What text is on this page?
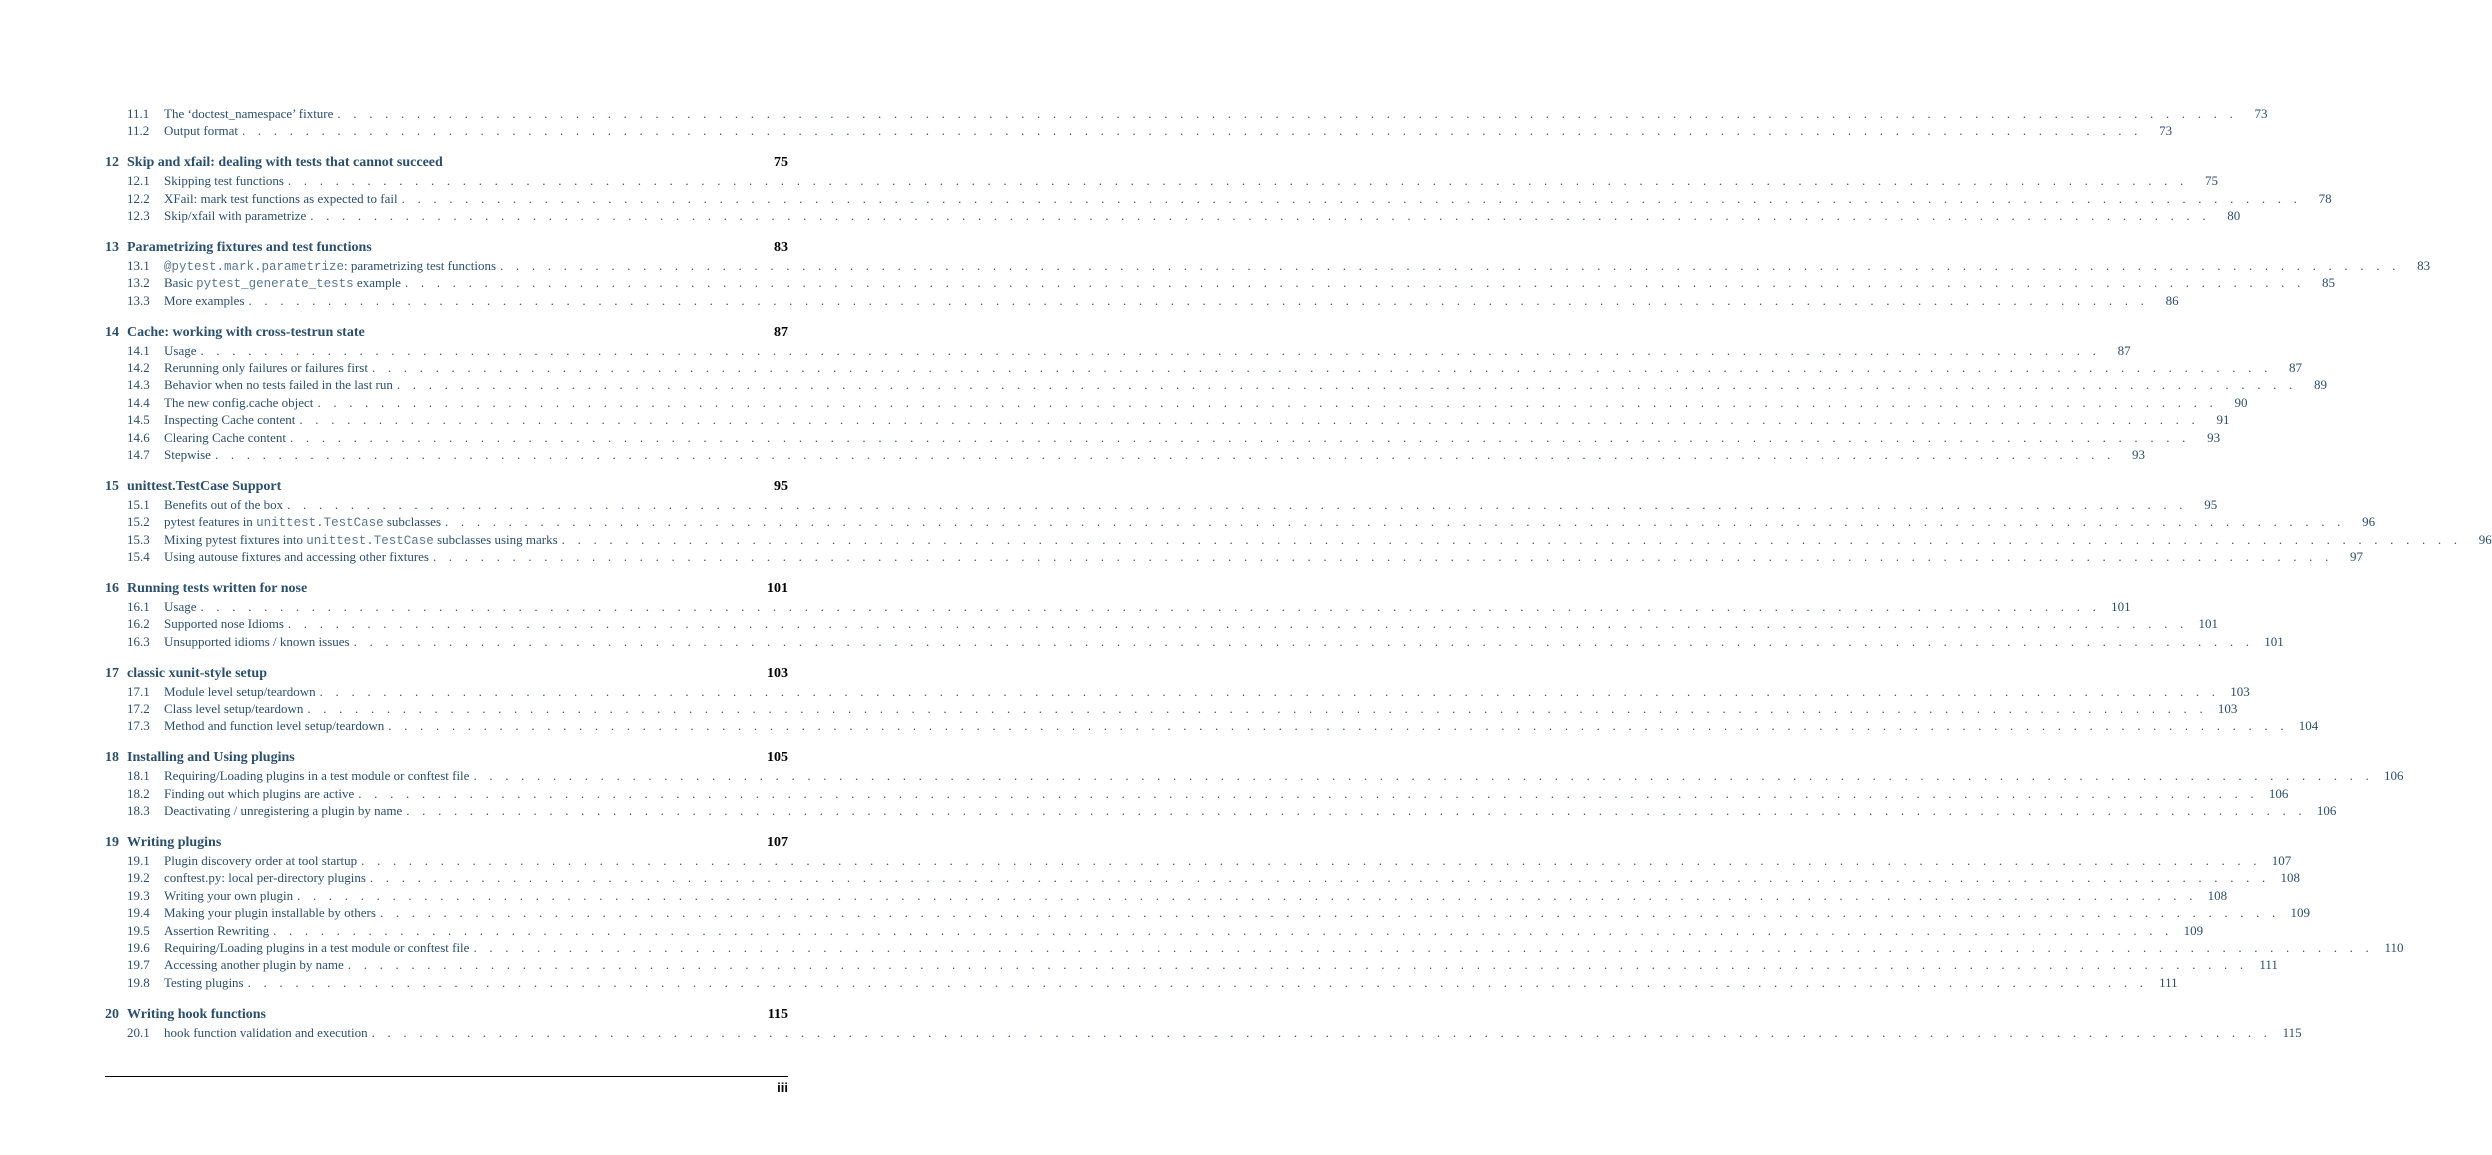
11.1	The ‘doctest_namespace’ fixture . . . . . . . . . . . . . . . . . . . . . . . . . . . . . . . . . . . . . . . . . . . . . . . . . . . . . . . . . . . . . . . . . . . . . . . . . . . . . . . . . . . . . . . . . . . . . . . . . . . . . . . . . . . . . . . . . . . . . . . .	73
11.2	Output format . . . . . . . . . . . . . . . . . . . . . . . . . . . . . . . . . . . . . . . . . . . . . . . . . . . . . . . . . . . . . . . . . . . . . . . . . . . . . . . . . . . . . . . . . . . . . . . . . . . . . . . . . . . . . . . . . . . . . . . .	73
12 Skip and xfail: dealing with tests that cannot succeed	75
12.1	Skipping test functions . . . . . . . . . . . . . . . . . . . . . . . . . . . . . . . . . . . . . . . . . . . . . . . . . . . . . . . . . . . . . . . . . . . . . . . . . . . . . . . . . . . . . . . . . . . . . . . . . . . . . . . . . . . . . . . . . . . . . . . .	75
12.2	XFail: mark test functions as expected to fail . . . . . . . . . . . . . . . . . . . . . . . . . . . . . . . . . . . . . . . . . . . . . . . . . . . . . . . . . . . . . . . . . . . . . . . . . . . . . . . . . . . . . . . . . . . . . . . . . . . . . . . . . . . . . . . . . . . . . . . .	78
12.3	Skip/xfail with parametrize . . . . . . . . . . . . . . . . . . . . . . . . . . . . . . . . . . . . . . . . . . . . . . . . . . . . . . . . . . . . . . . . . . . . . . . . . . . . . . . . . . . . . . . . . . . . . . . . . . . . . . . . . . . . . . . . . . . . . . . .	80
13 Parametrizing fixtures and test functions	83
13.1	@pytest.mark.parametrize: parametrizing test functions . . . . . . . . . . . . . . . . . . . . . . . . . . . . . . . . . . . . . . . . . . . . . . . . . . . . . . . . . . . . . . . . . . . . . . . . . . . . . . . . . . . . . . . . . . . . . . . . . . . . . . . . . . . . . . . . . . . . . . . .	83
13.2	Basic pytest_generate_tests example . . . . . . . . . . . . . . . . . . . . . . . . . . . . . . . . . . . . . . . . . . . . . . . . . . . . . . . . . . . . . . . . . . . . . . . . . . . . . . . . . . . . . . . . . . . . . . . . . . . . . . . . . . . . . . . . . . . . . . . .	85
13.3	More examples . . . . . . . . . . . . . . . . . . . . . . . . . . . . . . . . . . . . . . . . . . . . . . . . . . . . . . . . . . . . . . . . . . . . . . . . . . . . . . . . . . . . . . . . . . . . . . . . . . . . . . . . . . . . . . . . . . . . . . . .	86
14 Cache: working with cross-testrun state	87
14.1	Usage . . . . . . . . . . . . . . . . . . . . . . . . . . . . . . . . . . . . . . . . . . . . . . . . . . . . . . . . . . . . . . . . . . . . . . . . . . . . . . . . . . . . . . . . . . . . . . . . . . . . . . . . . . . . . . . . . . . . . . . .	87
14.2	Rerunning only failures or failures first . . . . . . . . . . . . . . . . . . . . . . . . . . . . . . . . . . . . . . . . . . . . . . . . . . . . . . . . . . . . . . . . . . . . . . . . . . . . . . . . . . . . . . . . . . . . . . . . . . . . . . . . . . . . . . . . . . . . . . . .	87
14.3	Behavior when no tests failed in the last run . . . . . . . . . . . . . . . . . . . . . . . . . . . . . . . . . . . . . . . . . . . . . . . . . . . . . . . . . . . . . . . . . . . . . . . . . . . . . . . . . . . . . . . . . . . . . . . . . . . . . . . . . . . . . . . . . . . . . . . .	89
14.4	The new config.cache object . . . . . . . . . . . . . . . . . . . . . . . . . . . . . . . . . . . . . . . . . . . . . . . . . . . . . . . . . . . . . . . . . . . . . . . . . . . . . . . . . . . . . . . . . . . . . . . . . . . . . . . . . . . . . . . . . . . . . . . .	90
14.5	Inspecting Cache content . . . . . . . . . . . . . . . . . . . . . . . . . . . . . . . . . . . . . . . . . . . . . . . . . . . . . . . . . . . . . . . . . . . . . . . . . . . . . . . . . . . . . . . . . . . . . . . . . . . . . . . . . . . . . . . . . . . . . . . .	91
14.6	Clearing Cache content . . . . . . . . . . . . . . . . . . . . . . . . . . . . . . . . . . . . . . . . . . . . . . . . . . . . . . . . . . . . . . . . . . . . . . . . . . . . . . . . . . . . . . . . . . . . . . . . . . . . . . . . . . . . . . . . . . . . . . . .	93
14.7	Stepwise . . . . . . . . . . . . . . . . . . . . . . . . . . . . . . . . . . . . . . . . . . . . . . . . . . . . . . . . . . . . . . . . . . . . . . . . . . . . . . . . . . . . . . . . . . . . . . . . . . . . . . . . . . . . . . . . . . . . . . . .	93
15 unittest.TestCase Support	95
15.1	Benefits out of the box . . . . . . . . . . . . . . . . . . . . . . . . . . . . . . . . . . . . . . . . . . . . . . . . . . . . . . . . . . . . . . . . . . . . . . . . . . . . . . . . . . . . . . . . . . . . . . . . . . . . . . . . . . . . . . . . . . . . . . . .	95
15.2	pytest features in unittest.TestCase subclasses . . . . . . . . . . . . . . . . . . . . . . . . . . . . . . . . . . . . . . . . . . . . . . . . . . . . . . . . . . . . . . . . . . . . . . . . . . . . . . . . . . . . . . . . . . . . . . . . . . . . . . . . . . . . . . . . . . . . . . . .	96
15.3	Mixing pytest fixtures into unittest.TestCase subclasses using marks . . . . . . . . . . . . . . . . . . . . . . . . . . . . . . . . . . . . . . . . . . . . . . . . . . . . . . . . . . . . . . . . . . . . . . . . . . . . . . . . . . . . . . . . . . . . . . . . . . . . . . . . . . . . . . . . . . . . . . . .	96
15.4	Using autouse fixtures and accessing other fixtures . . . . . . . . . . . . . . . . . . . . . . . . . . . . . . . . . . . . . . . . . . . . . . . . . . . . . . . . . . . . . . . . . . . . . . . . . . . . . . . . . . . . . . . . . . . . . . . . . . . . . . . . . . . . . . . . . . . . . . . .	97
16 Running tests written for nose	101
16.1	Usage . . . . . . . . . . . . . . . . . . . . . . . . . . . . . . . . . . . . . . . . . . . . . . . . . . . . . . . . . . . . . . . . . . . . . . . . . . . . . . . . . . . . . . . . . . . . . . . . . . . . . . . . . . . . . . . . . . . . . . . . 101
16.2	Supported nose Idioms . . . . . . . . . . . . . . . . . . . . . . . . . . . . . . . . . . . . . . . . . . . . . . . . . . . . . . . . . . . . . . . . . . . . . . . . . . . . . . . . . . . . . . . . . . . . . . . . . . . . . . . . . . . . . . . . . . . . . . . . 101
16.3	Unsupported idioms / known issues . . . . . . . . . . . . . . . . . . . . . . . . . . . . . . . . . . . . . . . . . . . . . . . . . . . . . . . . . . . . . . . . . . . . . . . . . . . . . . . . . . . . . . . . . . . . . . . . . . . . . . . . . . . . . . . . . . . . . . . . 101
17 classic xunit-style setup	103
17.1	Module level setup/teardown . . . . . . . . . . . . . . . . . . . . . . . . . . . . . . . . . . . . . . . . . . . . . . . . . . . . . . . . . . . . . . . . . . . . . . . . . . . . . . . . . . . . . . . . . . . . . . . . . . . . . . . . . . . . . . . . . . . . . . . . 103
17.2	Class level setup/teardown . . . . . . . . . . . . . . . . . . . . . . . . . . . . . . . . . . . . . . . . . . . . . . . . . . . . . . . . . . . . . . . . . . . . . . . . . . . . . . . . . . . . . . . . . . . . . . . . . . . . . . . . . . . . . . . . . . . . . . . . 103
17.3	Method and function level setup/teardown . . . . . . . . . . . . . . . . . . . . . . . . . . . . . . . . . . . . . . . . . . . . . . . . . . . . . . . . . . . . . . . . . . . . . . . . . . . . . . . . . . . . . . . . . . . . . . . . . . . . . . . . . . . . . . . . . . . . . . . . 104
18 Installing and Using plugins	105
18.1	Requiring/Loading plugins in a test module or conftest file . . . . . . . . . . . . . . . . . . . . . . . . . . . . . . . . . . . . . . . . . . . . . . . . . . . . . . . . . . . . . . . . . . . . . . . . . . . . . . . . . . . . . . . . . . . . . . . . . . . . . . . . . . . . . . . . . . . . . . . . 106
18.2	Finding out which plugins are active . . . . . . . . . . . . . . . . . . . . . . . . . . . . . . . . . . . . . . . . . . . . . . . . . . . . . . . . . . . . . . . . . . . . . . . . . . . . . . . . . . . . . . . . . . . . . . . . . . . . . . . . . . . . . . . . . . . . . . . . 106
18.3	Deactivating / unregistering a plugin by name . . . . . . . . . . . . . . . . . . . . . . . . . . . . . . . . . . . . . . . . . . . . . . . . . . . . . . . . . . . . . . . . . . . . . . . . . . . . . . . . . . . . . . . . . . . . . . . . . . . . . . . . . . . . . . . . . . . . . . . . 106
19 Writing plugins	107
19.1	Plugin discovery order at tool startup . . . . . . . . . . . . . . . . . . . . . . . . . . . . . . . . . . . . . . . . . . . . . . . . . . . . . . . . . . . . . . . . . . . . . . . . . . . . . . . . . . . . . . . . . . . . . . . . . . . . . . . . . . . . . . . . . . . . . . . . 107
19.2	conftest.py: local per-directory plugins . . . . . . . . . . . . . . . . . . . . . . . . . . . . . . . . . . . . . . . . . . . . . . . . . . . . . . . . . . . . . . . . . . . . . . . . . . . . . . . . . . . . . . . . . . . . . . . . . . . . . . . . . . . . . . . . . . . . . . . . 108
19.3	Writing your own plugin . . . . . . . . . . . . . . . . . . . . . . . . . . . . . . . . . . . . . . . . . . . . . . . . . . . . . . . . . . . . . . . . . . . . . . . . . . . . . . . . . . . . . . . . . . . . . . . . . . . . . . . . . . . . . . . . . . . . . . . . 108
19.4	Making your plugin installable by others . . . . . . . . . . . . . . . . . . . . . . . . . . . . . . . . . . . . . . . . . . . . . . . . . . . . . . . . . . . . . . . . . . . . . . . . . . . . . . . . . . . . . . . . . . . . . . . . . . . . . . . . . . . . . . . . . . . . . . . . 109
19.5	Assertion Rewriting . . . . . . . . . . . . . . . . . . . . . . . . . . . . . . . . . . . . . . . . . . . . . . . . . . . . . . . . . . . . . . . . . . . . . . . . . . . . . . . . . . . . . . . . . . . . . . . . . . . . . . . . . . . . . . . . . . . . . . . . 109
19.6	Requiring/Loading plugins in a test module or conftest file . . . . . . . . . . . . . . . . . . . . . . . . . . . . . . . . . . . . . . . . . . . . . . . . . . . . . . . . . . . . . . . . . . . . . . . . . . . . . . . . . . . . . . . . . . . . . . . . . . . . . . . . . . . . . . . . . . . . . . . . 110
19.7	Accessing another plugin by name . . . . . . . . . . . . . . . . . . . . . . . . . . . . . . . . . . . . . . . . . . . . . . . . . . . . . . . . . . . . . . . . . . . . . . . . . . . . . . . . . . . . . . . . . . . . . . . . . . . . . . . . . . . . . . . . . . . . . . . . 111
19.8	Testing plugins . . . . . . . . . . . . . . . . . . . . . . . . . . . . . . . . . . . . . . . . . . . . . . . . . . . . . . . . . . . . . . . . . . . . . . . . . . . . . . . . . . . . . . . . . . . . . . . . . . . . . . . . . . . . . . . . . . . . . . . . 111
20 Writing hook functions	115
20.1	hook function validation and execution . . . . . . . . . . . . . . . . . . . . . . . . . . . . . . . . . . . . . . . . . . . . . . . . . . . . . . . . . . . . . . . . . . . . . . . . . . . . . . . . . . . . . . . . . . . . . . . . . . . . . . . . . . . . . . . . . . . . . . . . 115
iii
